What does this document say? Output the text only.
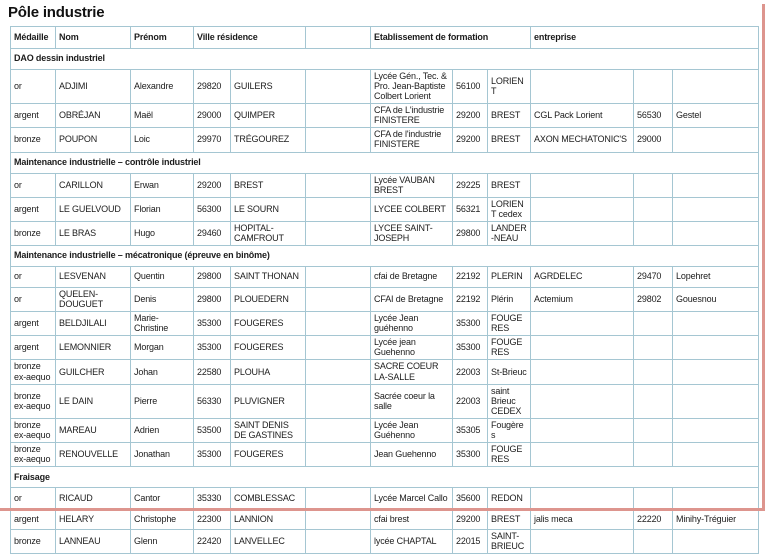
Pôle industrie
Médaille	Nom	Prénom	Ville résidence			Etablissement de formation			entreprise		
DAO dessin industriel											
or	ADJIMI	Alexandre	29820	GUILERS		Lycée Gén., Tec. & Pro. Jean-Baptiste Colbert Lorient	56100	LORIENT			
argent	OBRÉJAN	Maël	29000	QUIMPER		CFA de L'industrie FINISTERE	29200	BREST	CGL Pack Lorient	56530	Gestel
bronze	POUPON	Loic	29970	TRÉGOUREZ		CFA de l'industrie FINISTERE	29200	BREST	AXON MECHATONIC'S	29000	
Maintenance industrielle – contrôle industriel											
or	CARILLON	Erwan	29200	BREST		Lycée VAUBAN BREST	29225	BREST			
argent	LE GUELVOUD	Florian	56300	LE SOURN		LYCEE COLBERT	56321	LORIENT cedex			
bronze	LE BRAS	Hugo	29460	HOPITAL-CAMFROUT		LYCEE SAINT-JOSEPH	29800	LANDER-NEAU			
Maintenance industrielle – mécatronique (épreuve en binôme)											
or	LESVENAN	Quentin	29800	SAINT THONAN		cfai de Bretagne	22192	PLERIN	AGRDELEC	29470	Lopehret
or	QUELEN-DOUGUET	Denis	29800	PLOUEDERN		CFAI de Bretagne	22192	Plérin	Actemium	29802	Gouesnou
argent	BELDJILALI	Marie-Christine	35300	FOUGERES		Lycée Jean guéhenno	35300	FOUGERES			
argent	LEMONNIER	Morgan	35300	FOUGERES		Lycée jean Guehenno	35300	FOUGERES			
bronze ex-aequo	GUILCHER	Johan	22580	PLOUHA		SACRE COEUR LA-SALLE	22003	St-Brieuc			
bronze ex-aequo	LE DAIN	Pierre	56330	PLUVIGNER		Sacrée coeur la salle	22003	saint Brieuc CEDEX			
bronze ex-aequo	MAREAU	Adrien	53500	SAINT DENIS DE GASTINES		Lycée Jean Guéhenno	35305	Fougères			
bronze ex-aequo	RENOUVELLE	Jonathan	35300	FOUGERES		Jean Guehenno	35300	FOUGERES			
Fraisage											
or	RICAUD	Cantor	35330	COMBLESSAC		Lycée Marcel Callo	35600	REDON			
argent	HELARY	Christophe	22300	LANNION		cfai brest	29200	BREST	jalis meca	22220	Minihy-Tréguier
bronze	LANNEAU	Glenn	22420	LANVELLEC		lycée CHAPTAL	22015	SAINT-BRIEUC			
